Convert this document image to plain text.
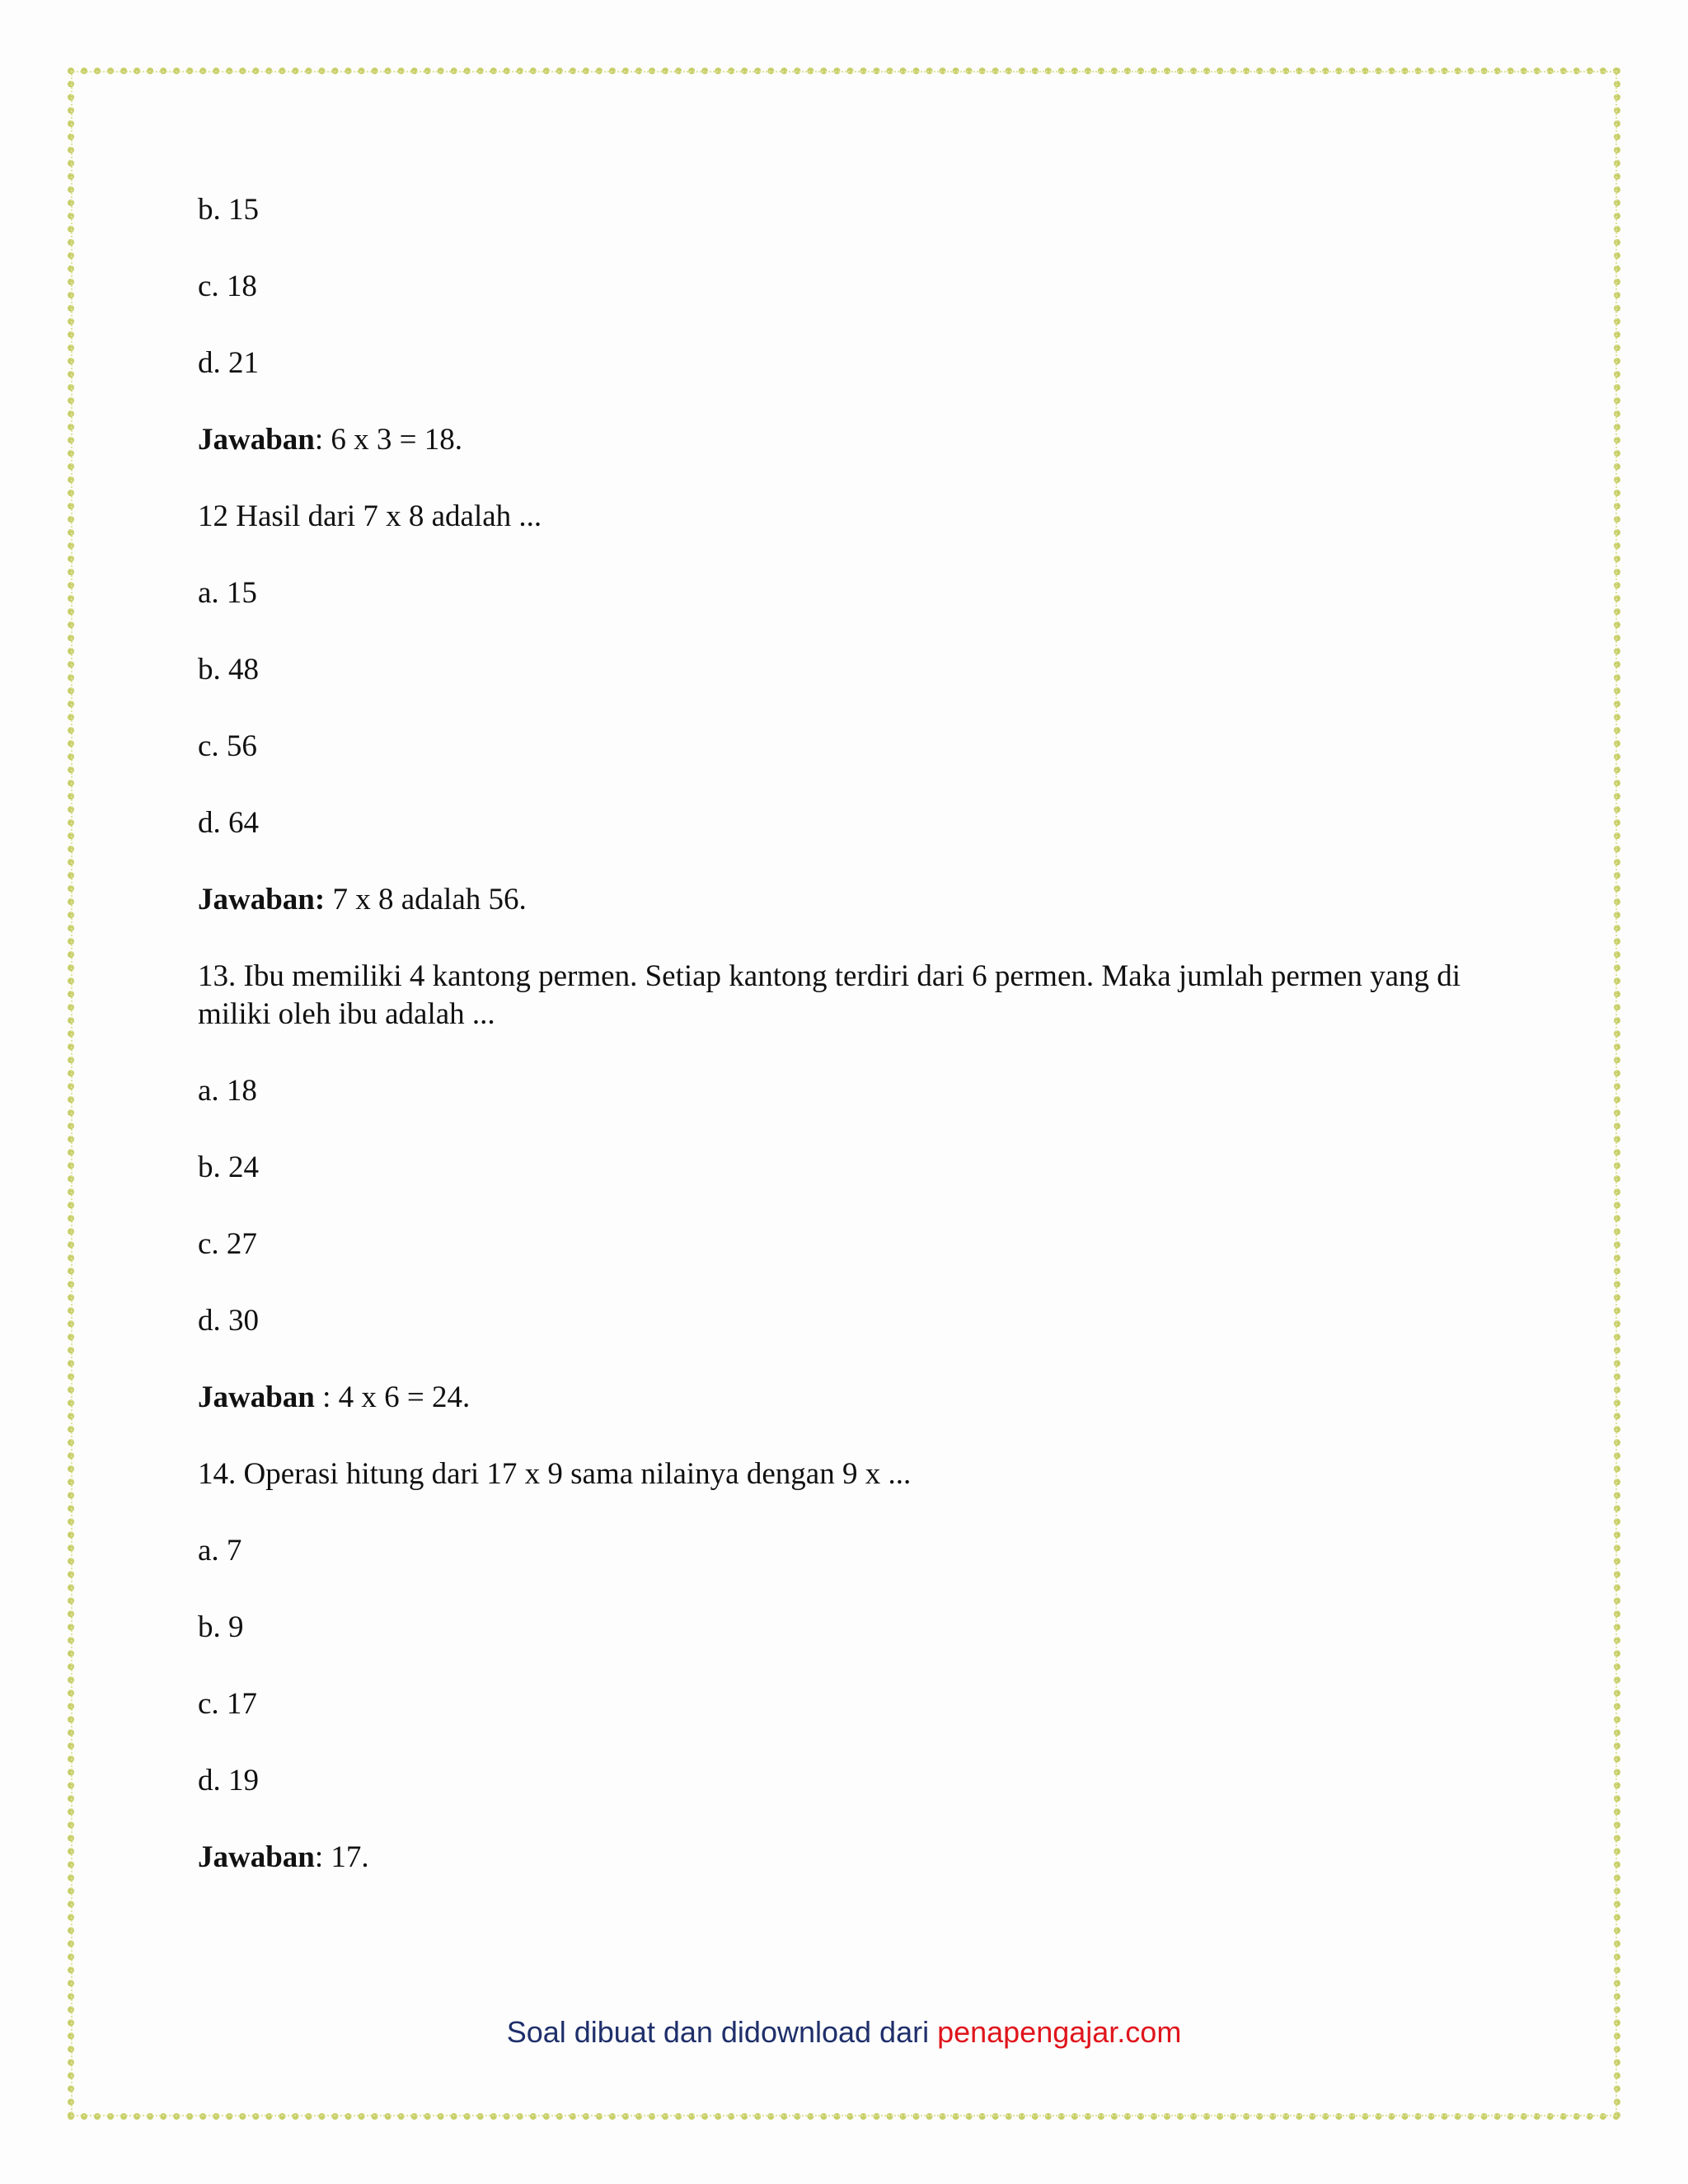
b. 15
c. 18
d. 21
Jawaban: 6 x 3 = 18.
12 Hasil dari 7 x 8 adalah ...
a. 15
b. 48
c. 56
d. 64
Jawaban: 7 x 8 adalah 56.
13. Ibu memiliki 4 kantong permen. Setiap kantong terdiri dari 6 permen. Maka jumlah permen yang di miliki oleh ibu adalah ...
a. 18
b. 24
c. 27
d. 30
Jawaban : 4 x 6 = 24.
14. Operasi hitung dari 17 x 9 sama nilainya dengan 9 x ...
a. 7
b. 9
c. 17
d. 19
Jawaban: 17.
Soal dibuat dan didownload dari penapengajar.com
